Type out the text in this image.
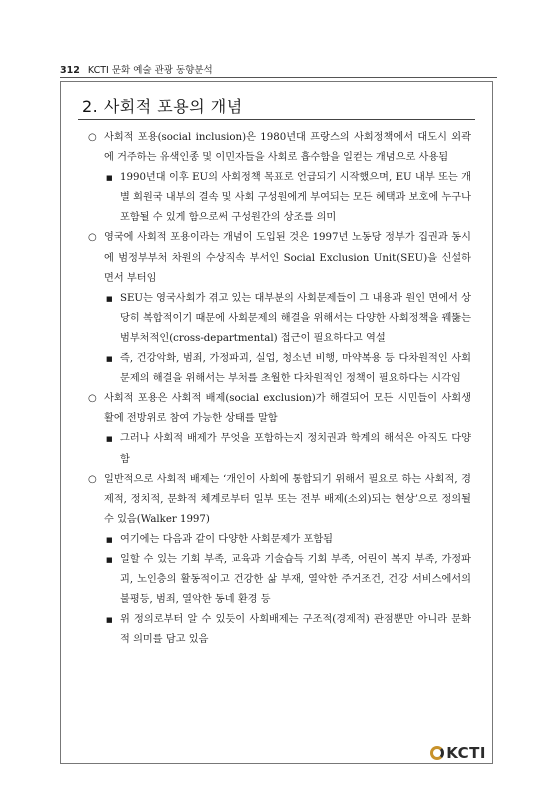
312 KCTI 문화 예술 관광 동향분석
2. 사회적 포용의 개념
○ 사회적 포용(social inclusion)은 1980년대 프랑스의 사회정책에서 대도시 외곽에 거주하는 유색인종 및 이민자들을 사회로 흡수함을 일컫는 개념으로 사용됨
■ 1990년대 이후 EU의 사회정책 목표로 언급되기 시작했으며, EU 내부 또는 개별 회원국 내부의 결속 및 사회 구성원에게 부여되는 모든 혜택과 보호에 누구나 포함될 수 있게 함으로써 구성원간의 상조를 의미
○ 영국에 사회적 포용이라는 개념이 도입된 것은 1997년 노동당 정부가 집권과 동시에 범정부부처 차원의 수상직속 부서인 Social Exclusion Unit(SEU)을 신설하면서 부터임
■ SEU는 영국사회가 겪고 있는 대부분의 사회문제들이 그 내용과 원인 면에서 상당히 복합적이기 때문에 사회문제의 해결을 위해서는 다양한 사회정책을 꿰뚫는 범부처적인(cross-departmental) 접근이 필요하다고 역설
■ 즉, 건강악화, 범죄, 가정파괴, 실업, 청소년 비행, 마약복용 등 다차원적인 사회문제의 해결을 위해서는 부처를 초월한 다차원적인 정책이 필요하다는 시각임
○ 사회적 포용은 사회적 배제(social exclusion)가 해결되어 모든 시민들이 사회생활에 전방위로 참여 가능한 상태를 말함
■ 그러나 사회적 배제가 무엇을 포함하는지 정치권과 학계의 해석은 아직도 다양함
○ 일반적으로 사회적 배제는 ‘개인이 사회에 통합되기 위해서 필요로 하는 사회적, 경제적, 정치적, 문화적 체계로부터 일부 또는 전부 배제(소외)되는 현상’으로 정의될 수 있음(Walker 1997)
■ 여기에는 다음과 같이 다양한 사회문제가 포함됨
■ 일할 수 있는 기회 부족, 교육과 기술습득 기회 부족, 어린이 복지 부족, 가정파괴, 노인층의 활동적이고 건강한 삶 부재, 열악한 주거조건, 건강 서비스에서의 불평등, 범죄, 열악한 동네 환경 등
■ 위 정의로부터 알 수 있듯이 사회배제는 구조적(경제적) 관점뿐만 아니라 문화적 의미를 담고 있음
KCTI
